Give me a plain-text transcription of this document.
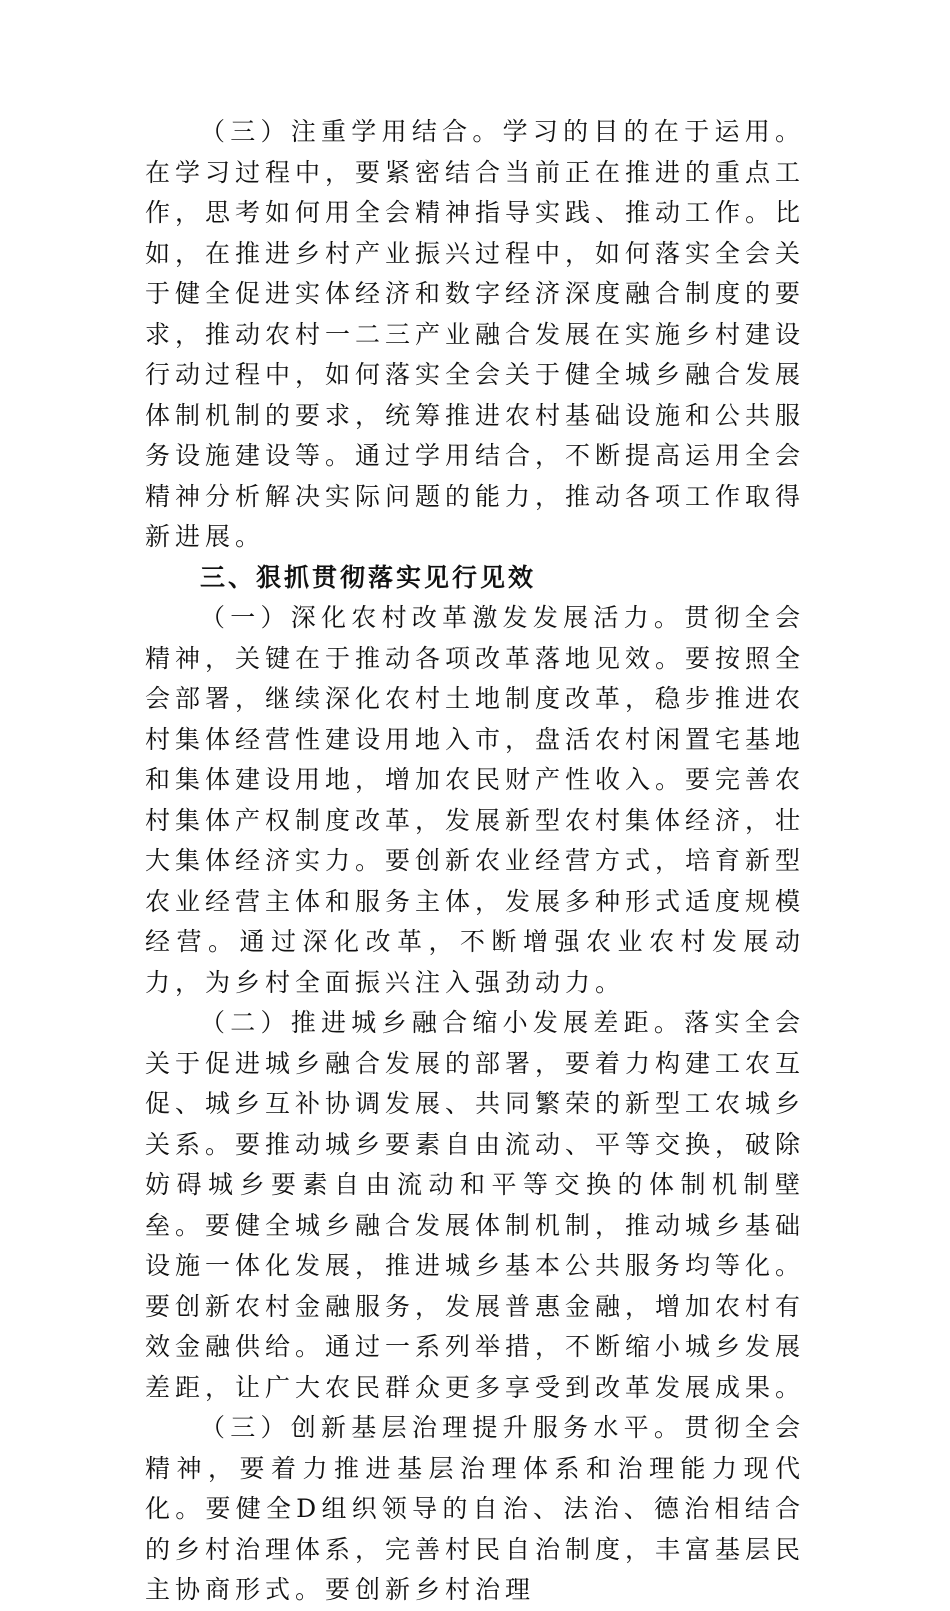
（三）注重学用结合。学习的目的在于运用。在学习过程中，要紧密结合当前正在推进的重点工作，思考如何用全会精神指导实践、推动工作。比如，在推进乡村产业振兴过程中，如何落实全会关于健全促进实体经济和数字经济深度融合制度的要求，推动农村一二三产业融合发展在实施乡村建设行动过程中，如何落实全会关于健全城乡融合发展体制机制的要求，统筹推进农村基础设施和公共服务设施建设等。通过学用结合，不断提高运用全会精神分析解决实际问题的能力，推动各项工作取得新进展。

三、狠抓贯彻落实见行见效

（一）深化农村改革激发发展活力。贯彻全会精神，关键在于推动各项改革落地见效。要按照全会部署，继续深化农村土地制度改革，稳步推进农村集体经营性建设用地入市，盘活农村闲置宅基地和集体建设用地，增加农民财产性收入。要完善农村集体产权制度改革，发展新型农村集体经济，壮大集体经济实力。要创新农业经营方式，培育新型农业经营主体和服务主体，发展多种形式适度规模经营。通过深化改革，不断增强农业农村发展动力，为乡村全面振兴注入强劲动力。

（二）推进城乡融合缩小发展差距。落实全会关于促进城乡融合发展的部署，要着力构建工农互促、城乡互补协调发展、共同繁荣的新型工农城乡关系。要推动城乡要素自由流动、平等交换，破除妨碍城乡要素自由流动和平等交换的体制机制壁垒。要健全城乡融合发展体制机制，推动城乡基础设施一体化发展，推进城乡基本公共服务均等化。要创新农村金融服务，发展普惠金融，增加农村有效金融供给。通过一系列举措，不断缩小城乡发展差距，让广大农民群众更多享受到改革发展成果。

（三）创新基层治理提升服务水平。贯彻全会精神，要着力推进基层治理体系和治理能力现代化。要健全D组织领导的自治、法治、德治相结合的乡村治理体系，完善村民自治制度，丰富基层民主协商形式。要创新乡村治理
